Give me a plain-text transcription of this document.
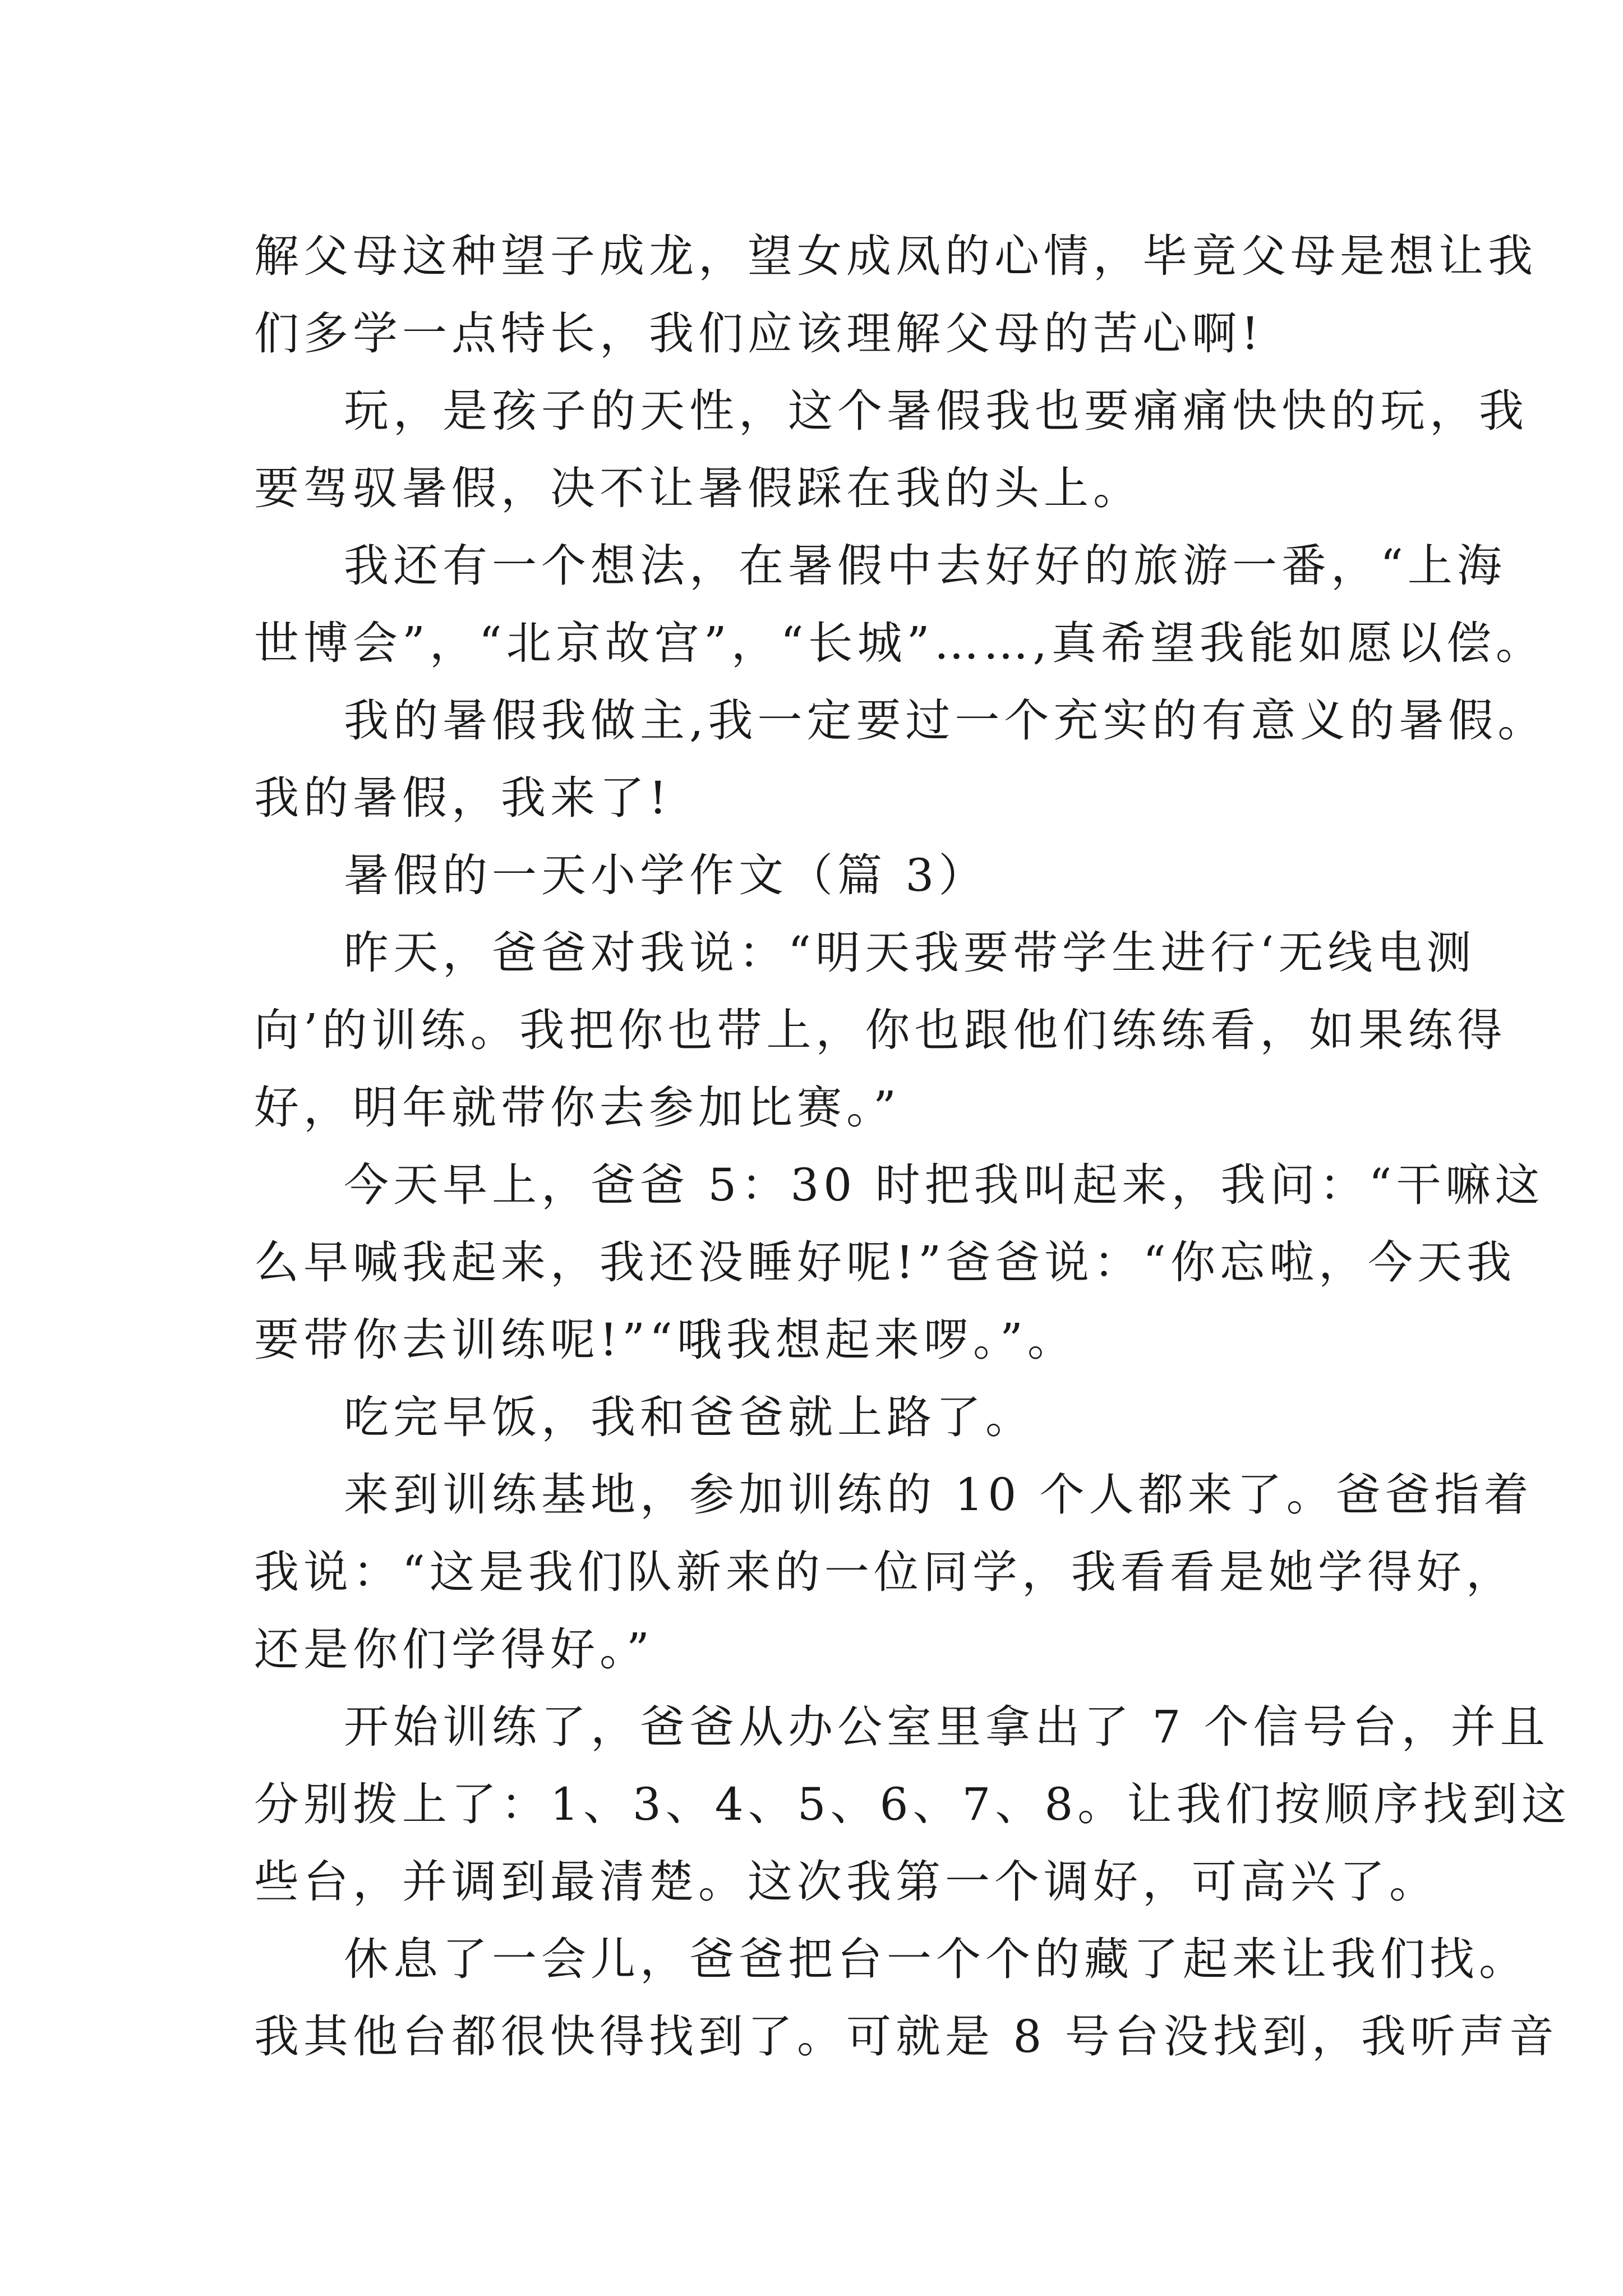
解父母这种望子成龙，望女成凤的心情，毕竟父母是想让我
们多学一点特长，我们应该理解父母的苦心啊!
玩，是孩子的天性，这个暑假我也要痛痛快快的玩，我
要驾驭暑假，决不让暑假踩在我的头上。
我还有一个想法，在暑假中去好好的旅游一番，“上海
世博会”，“北京故宫”，“长城”……,真希望我能如愿以偿。
我的暑假我做主,我一定要过一个充实的有意义的暑假。
我的暑假，我来了!
暑假的一天小学作文（篇 3）
昨天，爸爸对我说：“明天我要带学生进行‘无线电测
向’的训练。我把你也带上，你也跟他们练练看，如果练得
好，明年就带你去参加比赛。”
今天早上，爸爸 5：30 时把我叫起来，我问：“干嘛这
么早喊我起来，我还没睡好呢!”爸爸说：“你忘啦，今天我
要带你去训练呢!”“哦我想起来啰。”。
吃完早饭，我和爸爸就上路了。
来到训练基地，参加训练的 10 个人都来了。爸爸指着
我说：“这是我们队新来的一位同学，我看看是她学得好，
还是你们学得好。”
开始训练了，爸爸从办公室里拿出了 7 个信号台，并且
分别拨上了：1、3、4、5、6、7、8。让我们按顺序找到这
些台，并调到最清楚。这次我第一个调好，可高兴了。
休息了一会儿，爸爸把台一个个的藏了起来让我们找。
我其他台都很快得找到了。可就是 8 号台没找到，我听声音
